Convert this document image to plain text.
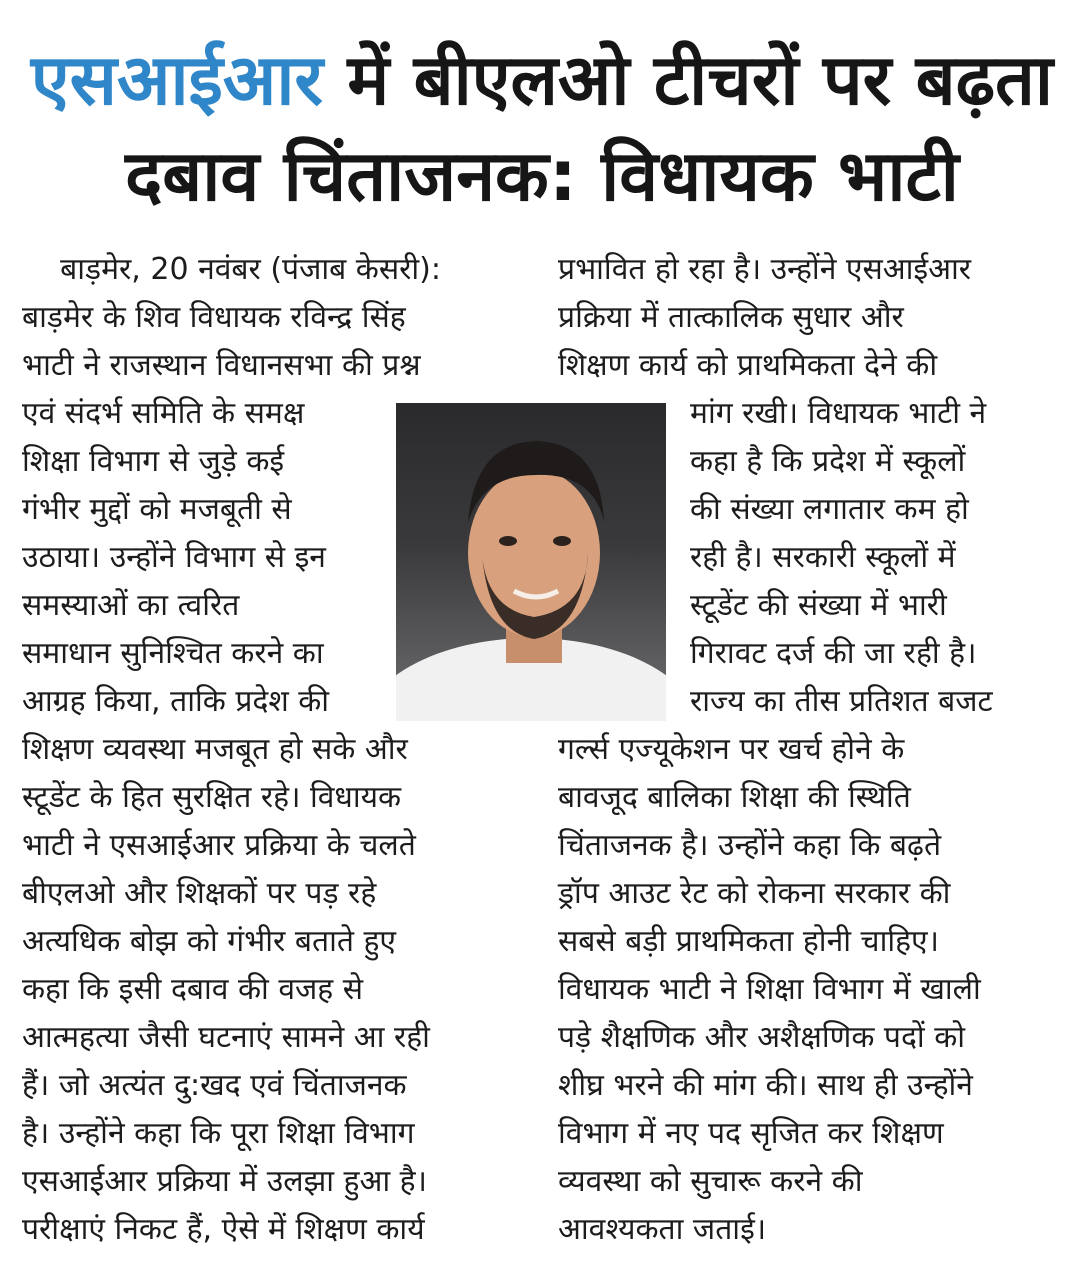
एसआईआर में बीएलओ टीचरों पर बढ़ता
दबाव चिंताजनक: विधायक भाटी
बाड़मेर, 20 नवंबर (पंजाब केसरी):
बाड़मेर के शिव विधायक रविन्द्र सिंह
भाटी ने राजस्थान विधानसभा की प्रश्न
एवं संदर्भ समिति के समक्ष
शिक्षा विभाग से जुड़े कई
गंभीर मुद्दों को मजबूती से
उठाया। उन्होंने विभाग से इन
समस्याओं का त्वरित
समाधान सुनिश्चित करने का
आग्रह किया, ताकि प्रदेश की
शिक्षण व्यवस्था मजबूत हो सके और
स्टूडेंट के हित सुरक्षित रहे। विधायक
भाटी ने एसआईआर प्रक्रिया के चलते
बीएलओ और शिक्षकों पर पड़ रहे
अत्यधिक बोझ को गंभीर बताते हुए
कहा कि इसी दबाव की वजह से
आत्महत्या जैसी घटनाएं सामने आ रही
हैं। जो अत्यंत दु:खद एवं चिंताजनक
है। उन्होंने कहा कि पूरा शिक्षा विभाग
एसआईआर प्रक्रिया में उलझा हुआ है।
परीक्षाएं निकट हैं, ऐसे में शिक्षण कार्य
प्रभावित हो रहा है। उन्होंने एसआईआर
प्रक्रिया में तात्कालिक सुधार और
शिक्षण कार्य को प्राथमिकता देने की
मांग रखी। विधायक भाटी ने
कहा है कि प्रदेश में स्कूलों
की संख्या लगातार कम हो
रही है। सरकारी स्कूलों में
स्टूडेंट की संख्या में भारी
गिरावट दर्ज की जा रही है।
राज्य का तीस प्रतिशत बजट
गर्ल्स एज्यूकेशन पर खर्च होने के
बावजूद बालिका शिक्षा की स्थिति
चिंताजनक है। उन्होंने कहा कि बढ़ते
ड्रॉप आउट रेट को रोकना सरकार की
सबसे बड़ी प्राथमिकता होनी चाहिए।
विधायक भाटी ने शिक्षा विभाग में खाली
पड़े शैक्षणिक और अशैक्षणिक पदों को
शीघ्र भरने की मांग की। साथ ही उन्होंने
विभाग में नए पद सृजित कर शिक्षण
व्यवस्था को सुचारू करने की
आवश्यकता जताई।
